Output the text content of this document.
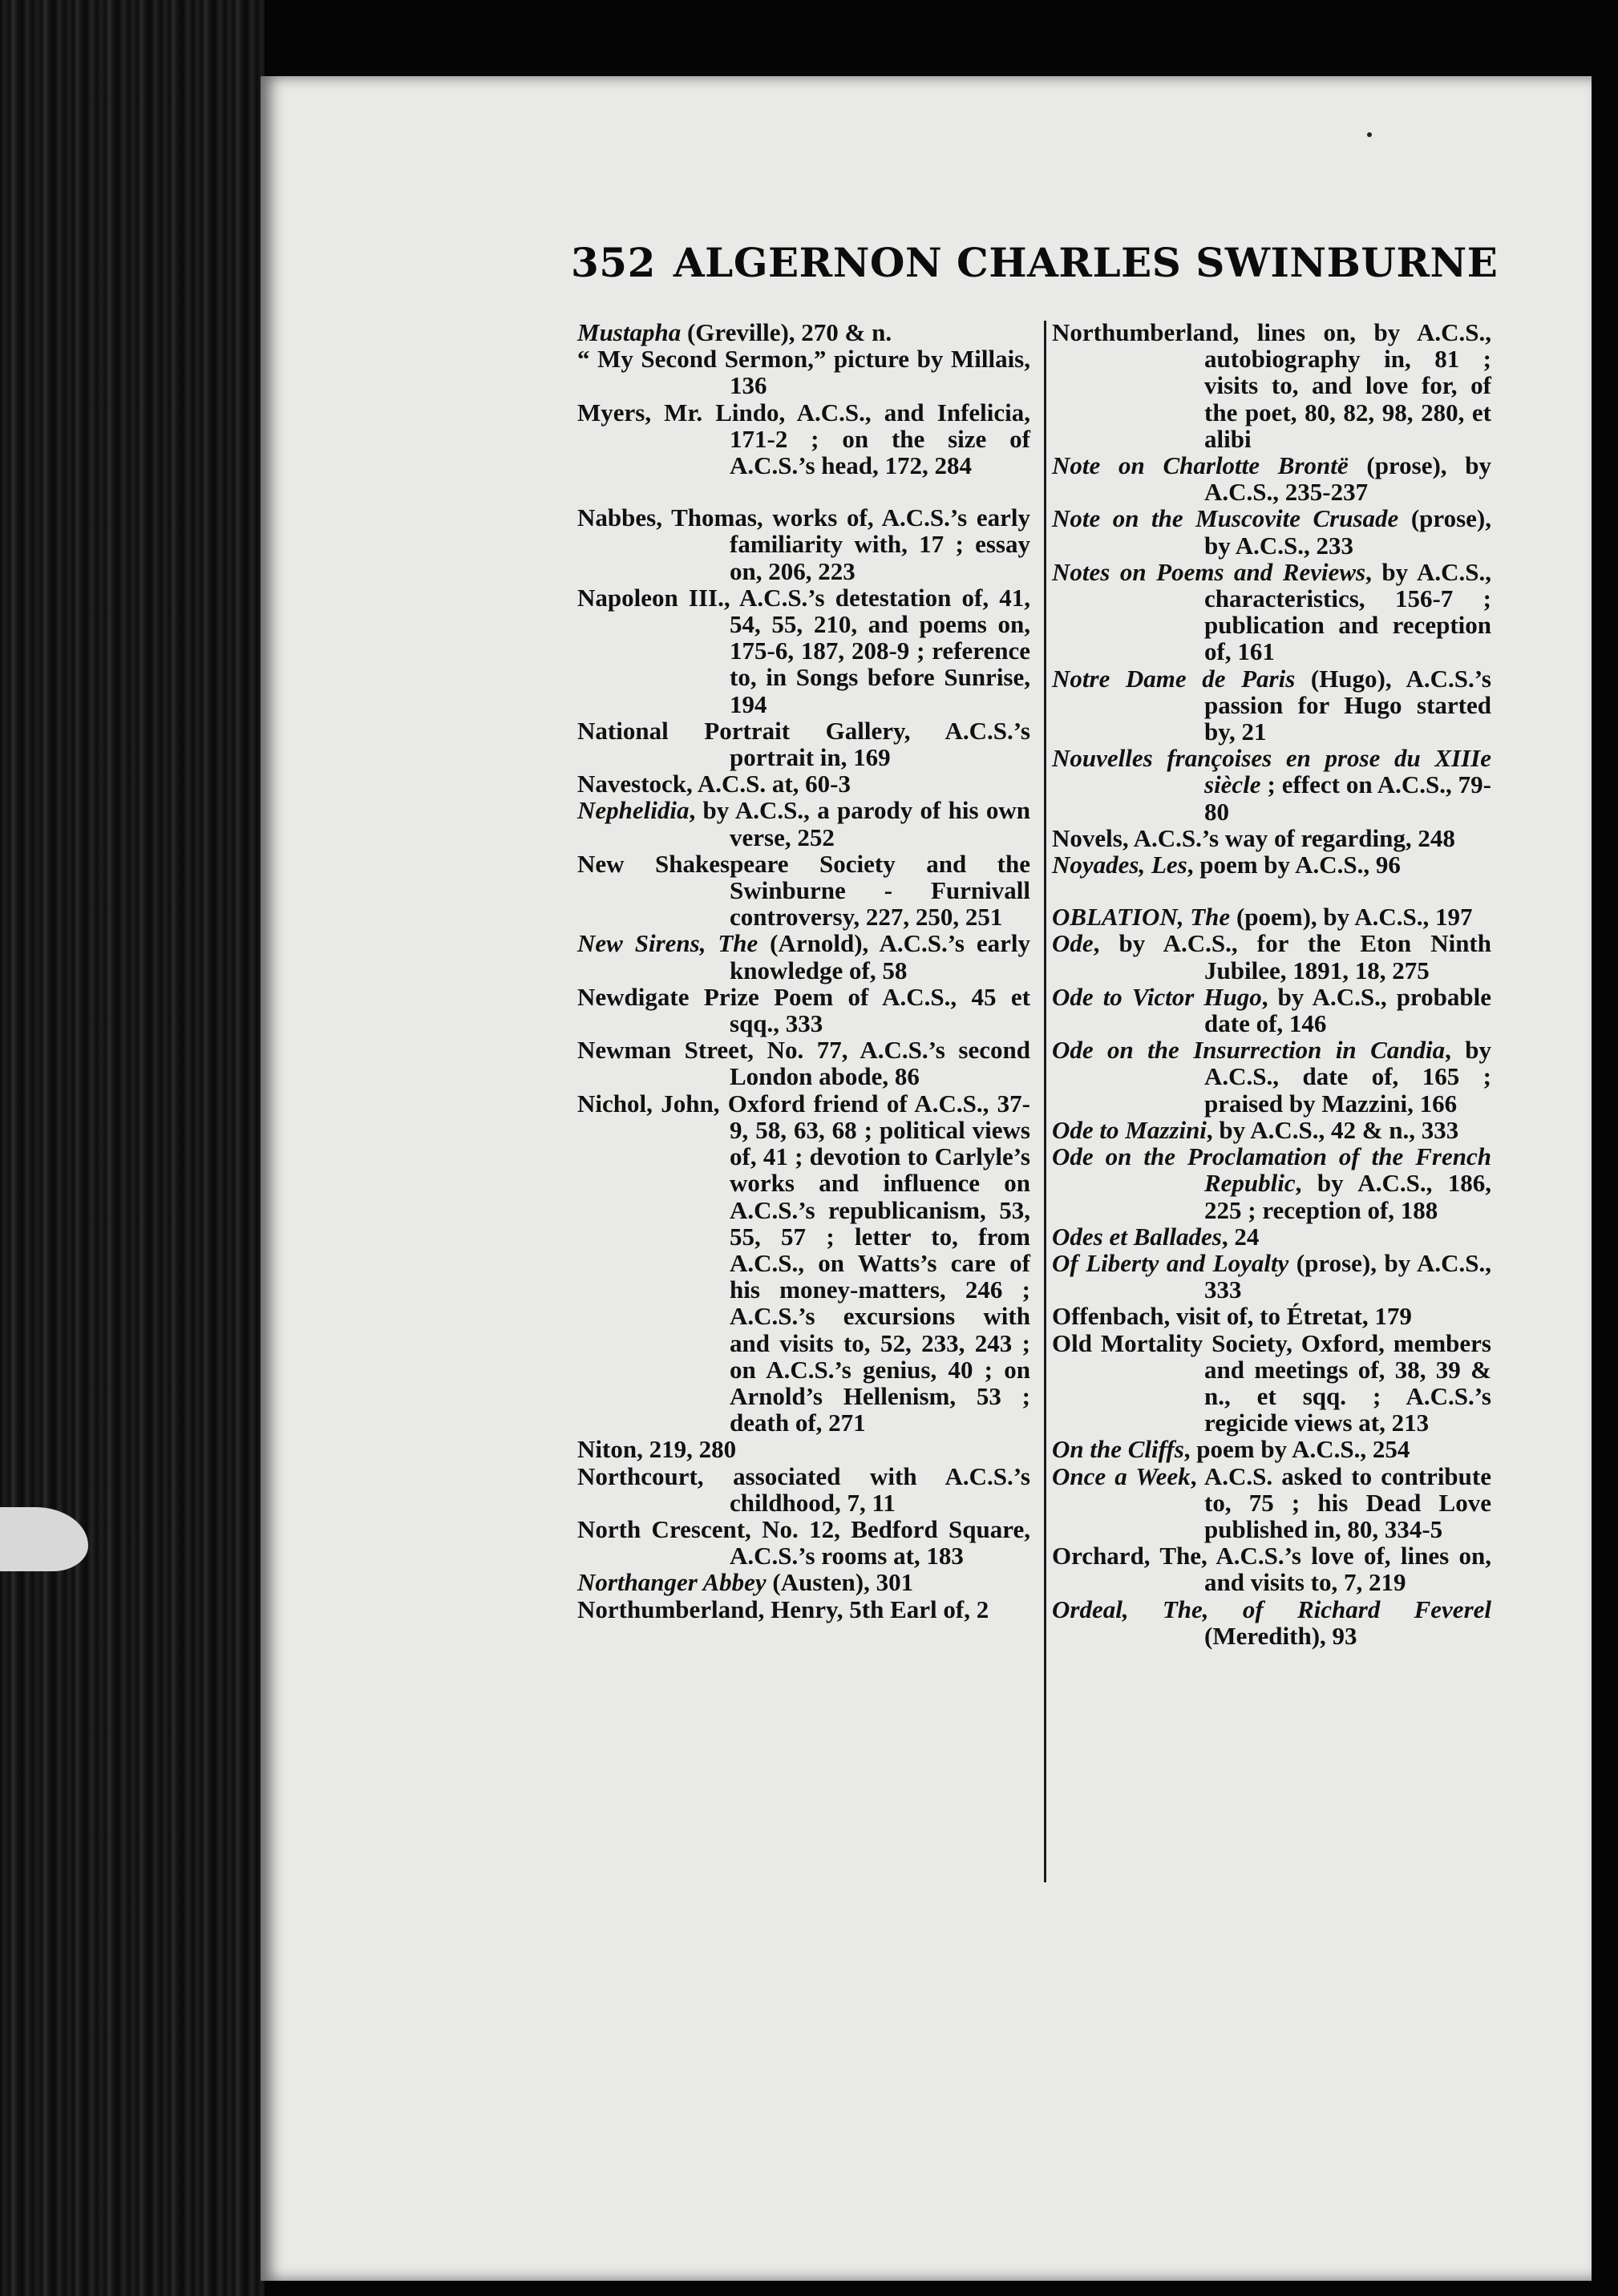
352 ALGERNON CHARLES SWINBURNE
Mustapha (Greville), 270 & n.
“ My Second Sermon,” picture by Millais, 136
Myers, Mr. Lindo, A.C.S., and Infelicia, 171-2 ; on the size of A.C.S.’s head, 172, 284
Nabbes, Thomas, works of, A.C.S.’s early familiarity with, 17 ; essay on, 206, 223
Napoleon III., A.C.S.’s detestation of, 41, 54, 55, 210, and poems on, 175-6, 187, 208-9 ; reference to, in Songs before Sunrise, 194
National Portrait Gallery, A.C.S.’s portrait in, 169
Navestock, A.C.S. at, 60-3
Nephelidia, by A.C.S., a parody of his own verse, 252
New Shakespeare Society and the Swinburne - Furnivall controversy, 227, 250, 251
New Sirens, The (Arnold), A.C.S.’s early knowledge of, 58
Newdigate Prize Poem of A.C.S., 45 et sqq., 333
Newman Street, No. 77, A.C.S.’s second London abode, 86
Nichol, John, Oxford friend of A.C.S., 37-9, 58, 63, 68 ; political views of, 41 ; devotion to Carlyle’s works and influence on A.C.S.’s republicanism, 53, 55, 57 ; letter to, from A.C.S., on Watts’s care of his money-matters, 246 ; A.C.S.’s excursions with and visits to, 52, 233, 243 ; on A.C.S.’s genius, 40 ; on Arnold’s Hellenism, 53 ; death of, 271
Niton, 219, 280
Northcourt, associated with A.C.S.’s childhood, 7, 11
North Crescent, No. 12, Bedford Square, A.C.S.’s rooms at, 183
Northanger Abbey (Austen), 301
Northumberland, Henry, 5th Earl of, 2
Northumberland, lines on, by A.C.S., autobiography in, 81 ; visits to, and love for, of the poet, 80, 82, 98, 280, et alibi
Note on Charlotte Brontë (prose), by A.C.S., 235-237
Note on the Muscovite Crusade (prose), by A.C.S., 233
Notes on Poems and Reviews, by A.C.S., characteristics, 156-7 ; publication and reception of, 161
Notre Dame de Paris (Hugo), A.C.S.’s passion for Hugo started by, 21
Nouvelles françoises en prose du XIIIe siècle ; effect on A.C.S., 79-80
Novels, A.C.S.’s way of regarding, 248
Noyades, Les, poem by A.C.S., 96
OBLATION, The (poem), by A.C.S., 197
Ode, by A.C.S., for the Eton Ninth Jubilee, 1891, 18, 275
Ode to Victor Hugo, by A.C.S., probable date of, 146
Ode on the Insurrection in Candia, by A.C.S., date of, 165 ; praised by Mazzini, 166
Ode to Mazzini, by A.C.S., 42 & n., 333
Ode on the Proclamation of the French Republic, by A.C.S., 186, 225 ; reception of, 188
Odes et Ballades, 24
Of Liberty and Loyalty (prose), by A.C.S., 333
Offenbach, visit of, to Étretat, 179
Old Mortality Society, Oxford, members and meetings of, 38, 39 & n., et sqq. ; A.C.S.’s regicide views at, 213
On the Cliffs, poem by A.C.S., 254
Once a Week, A.C.S. asked to contribute to, 75 ; his Dead Love published in, 80, 334-5
Orchard, The, A.C.S.’s love of, lines on, and visits to, 7, 219
Ordeal, The, of Richard Feverel (Meredith), 93
